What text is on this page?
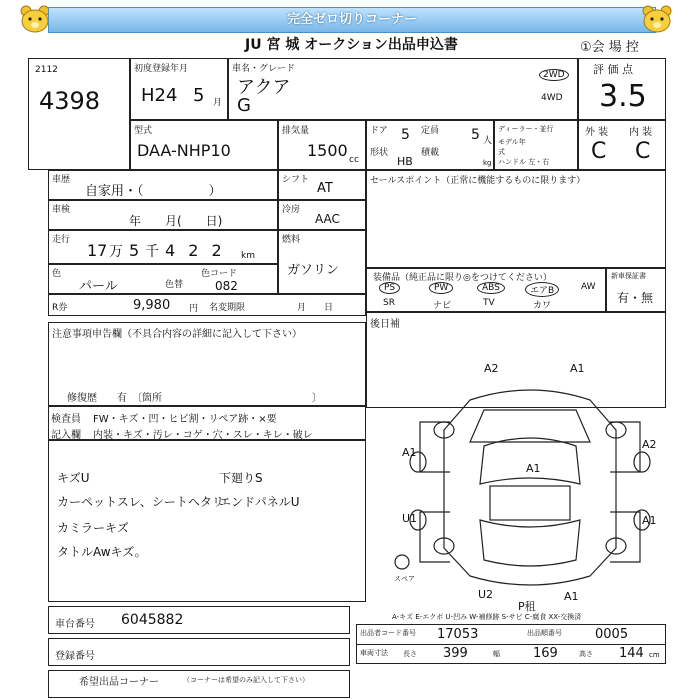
完全ゼロ切りコーナー
JU 宮 城 オークション出品申込書	①会 場 控
2112
4398
初度登録年月
H24 5 月
車名・グレード
アクア
G
2WD
4WD
評 価 点
3.5
型式
DAA-NHP10
排気量
1500 cc
ドア 5 定員 5 人
形状
HB
積載
kg
ディーラー・並行
モデル年式
ハンドル 左・右
外 装 内 装
C C
車歴
自家用・（　　　　　）
シフト
AT	セールスポイント（正常に機能するものに限ります）
車検
年　　月(　　日)
冷房
AAC
走行
17 万 5 千 4 2 2 km
燃料
ガソリン
色
パール	色替
色コード
082
R券	9,980 円 名変期限	月　　日
装備品（純正品に限り◎をつけてください）
PS	PW	ABS	エアB	AW
SR	ナビ	TV	カワ
新車保証書
有・無
後日補
注意事項申告欄（不具合内容の詳細に記入して下さい）
修復歴　　有　〔箇所　　　　　　　　　　　　　　　〕
検査員 FW・キズ・凹・ヒビ割・リペア跡・×要
記入欄 内装・キズ・汚レ・コゲ・穴・スレ・キレ・破レ
キズU
カーペットスレ、シートヘタリ
カミラーキズ
タトルAwキズ。
下廻りS
エンドパネルU
A2	A1
A1
A2
A1
U1	A1
U2	A1
P租
スペア
車台番号 6045882
登録番号
希望出品コーナー	（コーナーは希望のみ記入して下さい）
A-キズ E-エクボ U-凹み W-補修跡 S-サビ C-腐食 XX-交換済
出品者コード番号 17053	出品順番号	0005
車両寸法 長さ 399	幅	169	高さ 144 cm
